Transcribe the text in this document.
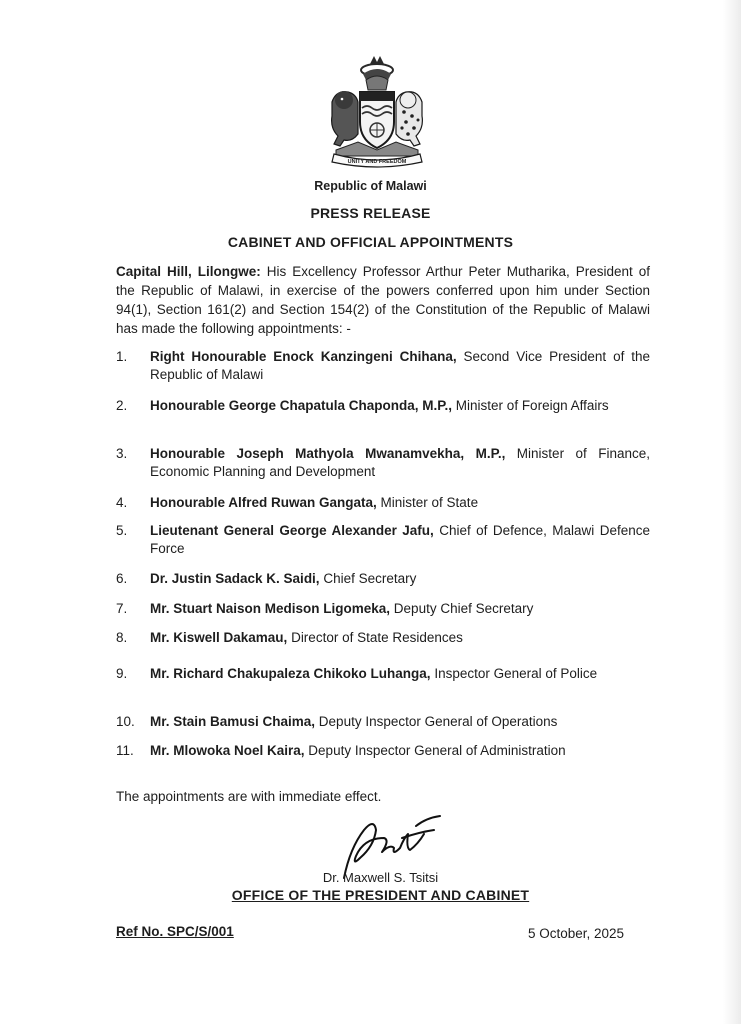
UNITY AND FREEDOM
Republic of Malawi
PRESS RELEASE
CABINET AND OFFICIAL APPOINTMENTS
Capital Hill, Lilongwe: His Excellency Professor Arthur Peter Mutharika, President of the Republic of Malawi, in exercise of the powers conferred upon him under Section 94(1), Section 161(2) and Section 154(2) of the Constitution of the Republic of Malawi has made the following appointments: -
1.	Right Honourable Enock Kanzingeni Chihana, Second Vice President of the Republic of Malawi
2.	Honourable George Chapatula Chaponda, M.P., Minister of Foreign Affairs
3.	Honourable Joseph Mathyola Mwanamvekha, M.P., Minister of Finance, Economic Planning and Development
4.	Honourable Alfred Ruwan Gangata, Minister of State
5.	Lieutenant General George Alexander Jafu, Chief of Defence, Malawi Defence Force
6.	Dr. Justin Sadack K. Saidi, Chief Secretary
7.	Mr. Stuart Naison Medison Ligomeka, Deputy Chief Secretary
8.	Mr. Kiswell Dakamau, Director of State Residences
9.	Mr. Richard Chakupaleza Chikoko Luhanga, Inspector General of Police
10.	Mr. Stain Bamusi Chaima, Deputy Inspector General of Operations
11.	Mr. Mlowoka Noel Kaira, Deputy Inspector General of Administration
The appointments are with immediate effect.
Dr. Maxwell S. Tsitsi
OFFICE OF THE PRESIDENT AND CABINET
Ref No. SPC/S/001	5 October, 2025
